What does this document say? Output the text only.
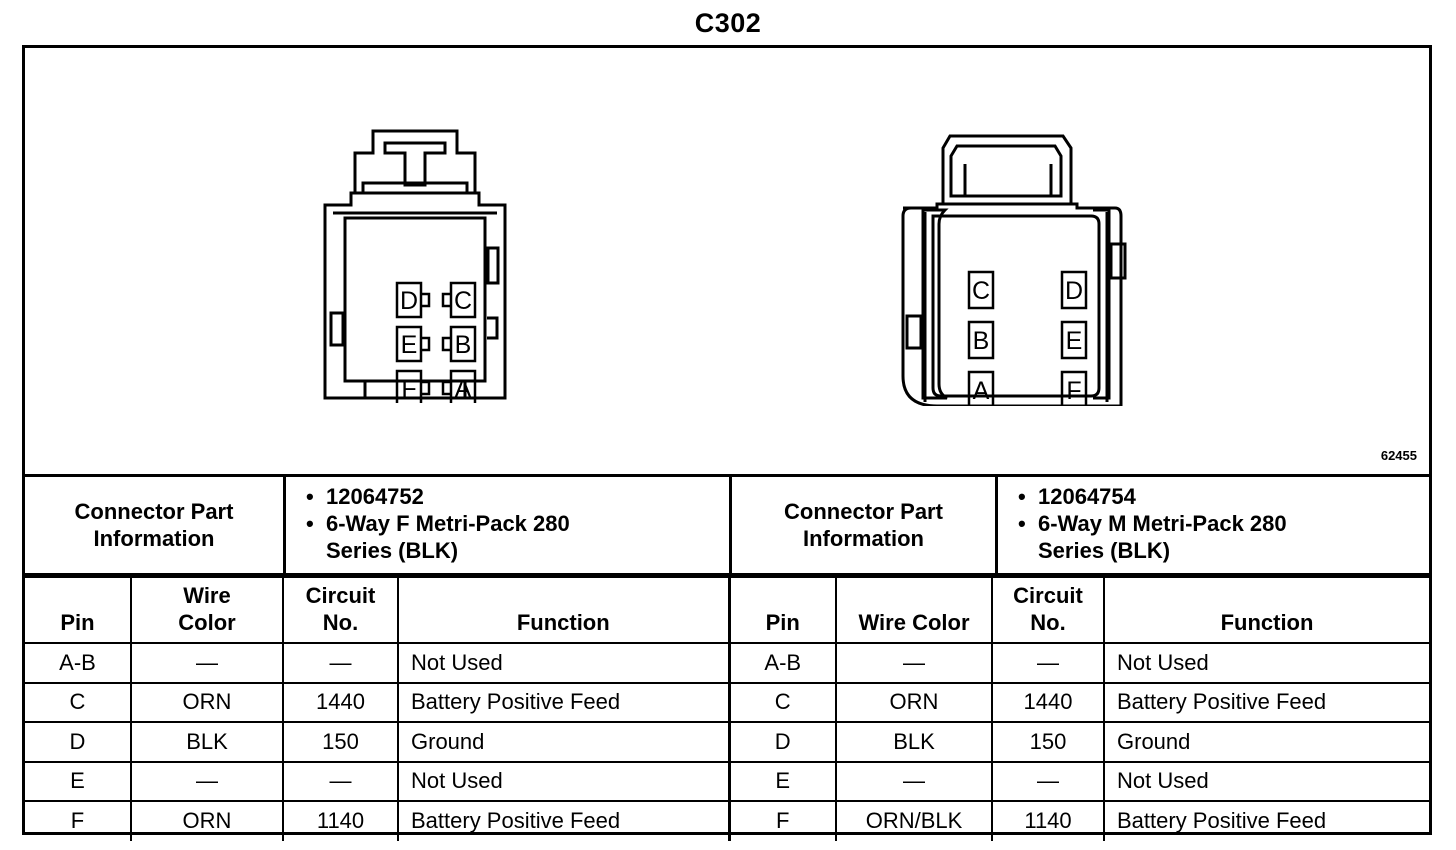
C302
D C
E B
F A
C	D
B	E
A	F
62455
Connector Part Information
• 12064752
• 6-Way F Metri-Pack 280 Series (BLK)
Connector Part Information
• 12064754
• 6-Way M Metri-Pack 280 Series (BLK)
Pin	Wire Color	Circuit No.	Function	Pin	Wire Color	Circuit No.	Function
A-B	—	—	Not Used	A-B	—	—	Not Used
C	ORN	1440	Battery Positive Feed	C	ORN	1440	Battery Positive Feed
D	BLK	150	Ground	D	BLK	150	Ground
E	—	—	Not Used	E	—	—	Not Used
F	ORN	1140	Battery Positive Feed	F	ORN/BLK	1140	Battery Positive Feed
